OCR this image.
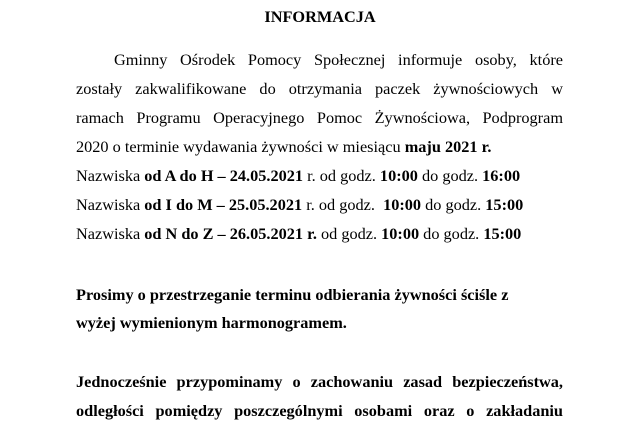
INFORMACJA
Gminny Ośrodek Pomocy Społecznej informuje osoby, które
zostały zakwalifikowane do otrzymania paczek żywnościowych w
ramach Programu Operacyjnego Pomoc Żywnościowa, Podprogram
2020 o terminie wydawania żywności w miesiącu maju 2021 r.
Nazwiska od A do H – 24.05.2021 r. od godz. 10:00 do godz. 16:00
Nazwiska od I do M – 25.05.2021 r. od godz.  10:00 do godz. 15:00
Nazwiska od N do Z – 26.05.2021 r. od godz. 10:00 do godz. 15:00
Prosimy o przestrzeganie terminu odbierania żywności ściśle z
wyżej wymienionym harmonogramem.
Jednocześnie przypominamy o zachowaniu zasad bezpieczeństwa,
odległości pomiędzy poszczególnymi osobami oraz o zakładaniu
